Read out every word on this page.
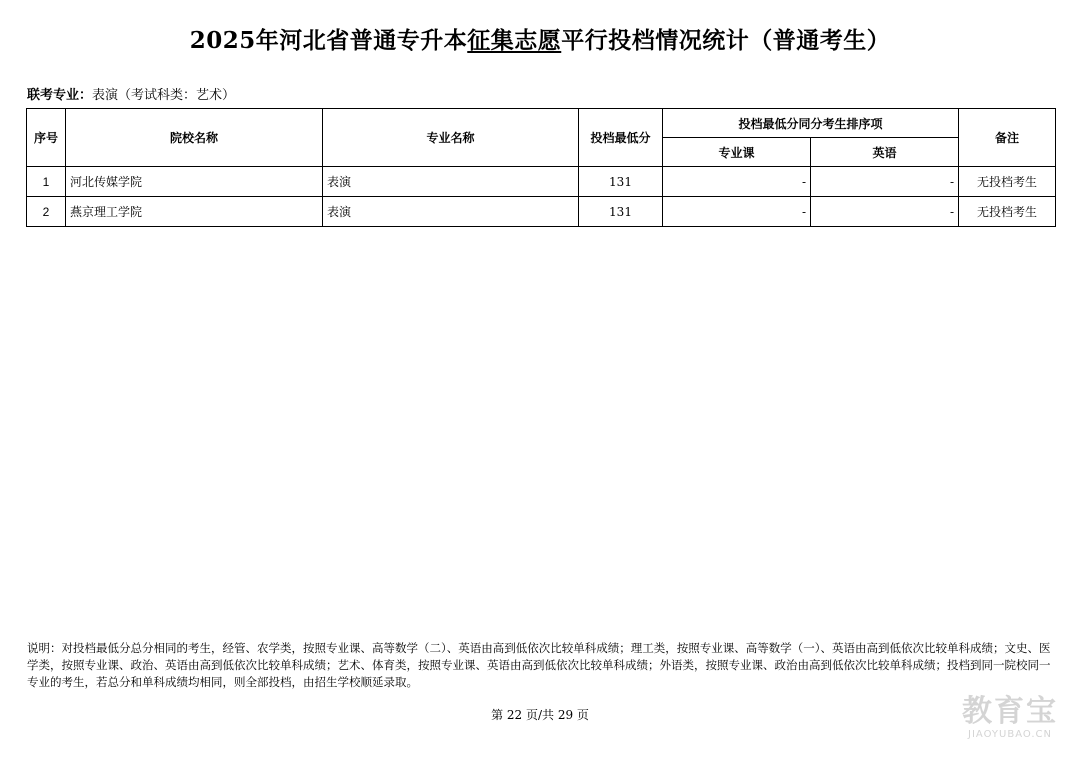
2025年河北省普通专升本征集志愿平行投档情况统计（普通考生）
联考专业：表演（考试科类：艺术）
序号	院校名称	专业名称	投档最低分	投档最低分同分考生排序项		备注
				专业课	英语	
1	河北传媒学院	表演	131	-	-	无投档考生
2	燕京理工学院	表演	131	-	-	无投档考生
说明：对投档最低分总分相同的考生，经管、农学类，按照专业课、高等数学（二）、英语由高到低依次比较单科成绩；理工类，按照专业课、高等数学（一）、英语由高到低依次比较单科成绩；文史、医学类，按照专业课、政治、英语由高到低依次比较单科成绩；艺术、体育类，按照专业课、英语由高到低依次比较单科成绩；外语类，按照专业课、政治由高到低依次比较单科成绩；投档到同一院校同一专业的考生，若总分和单科成绩均相同，则全部投档，由招生学校顺延录取。
第 22 页/共 29 页	教育宝
JIAOYUBAO.CN
